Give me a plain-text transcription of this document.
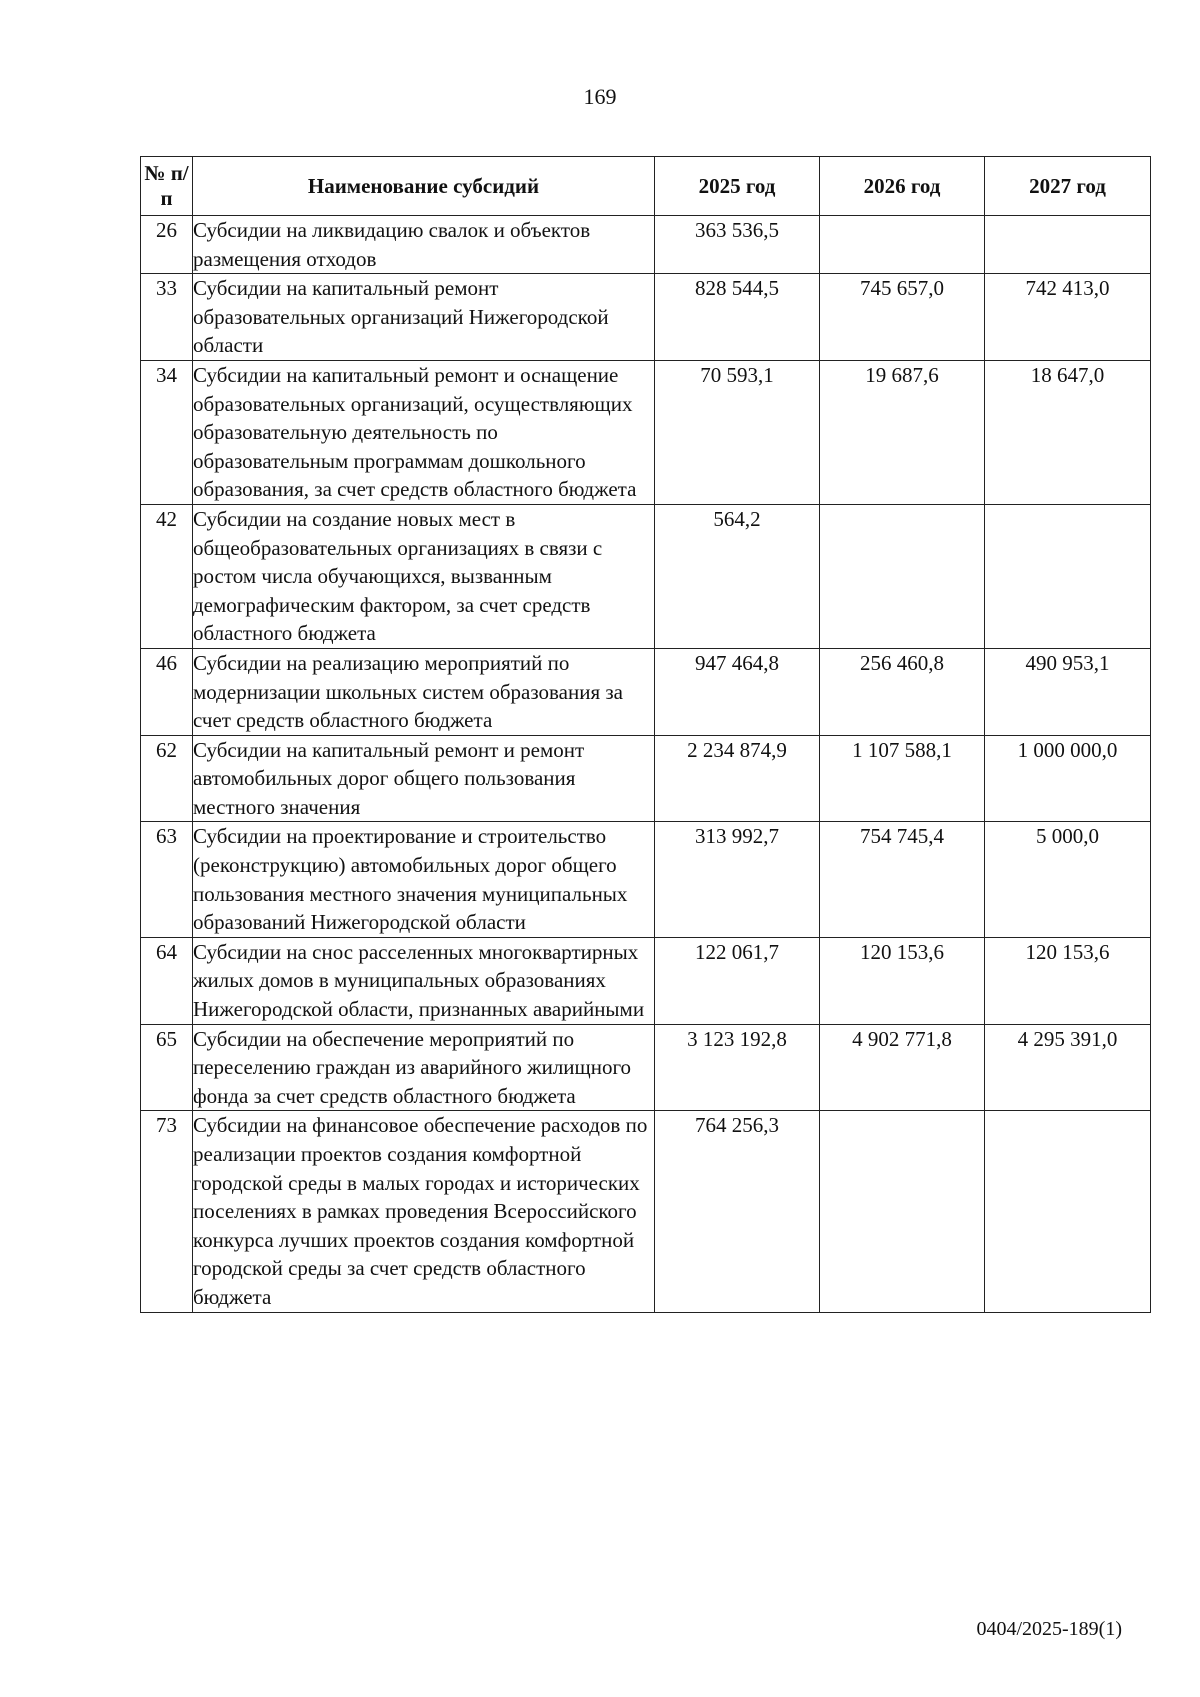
169
№ п/п	Наименование субсидий	2025 год	2026 год	2027 год
26	Субсидии на ликвидацию свалок и объектов размещения отходов	363 536,5		
33	Субсидии на капитальный ремонт образовательных организаций Нижегородской области	828 544,5	745 657,0	742 413,0
34	Субсидии на капитальный ремонт и оснащение образовательных организаций, осуществляющих образовательную деятельность по образовательным программам дошкольного образования, за счет средств областного бюджета	70 593,1	19 687,6	18 647,0
42	Субсидии на создание новых мест в общеобразовательных организациях в связи с ростом числа обучающихся, вызванным демографическим фактором, за счет средств областного бюджета	564,2		
46	Субсидии на реализацию мероприятий по модернизации школьных систем образования за счет средств областного бюджета	947 464,8	256 460,8	490 953,1
62	Субсидии на капитальный ремонт и ремонт автомобильных дорог общего пользования местного значения	2 234 874,9	1 107 588,1	1 000 000,0
63	Субсидии на проектирование и строительство (реконструкцию) автомобильных дорог общего пользования местного значения муниципальных образований Нижегородской области	313 992,7	754 745,4	5 000,0
64	Субсидии на снос расселенных многоквартирных жилых домов в муниципальных образованиях Нижегородской области, признанных аварийными	122 061,7	120 153,6	120 153,6
65	Субсидии на обеспечение мероприятий по переселению граждан из аварийного жилищного фонда за счет средств областного бюджета	3 123 192,8	4 902 771,8	4 295 391,0
73	Субсидии на финансовое обеспечение расходов по реализации проектов создания комфортной городской среды в малых городах и исторических поселениях в рамках проведения Всероссийского конкурса лучших проектов создания комфортной городской среды за счет средств областного бюджета	764 256,3		
0404/2025-189(1)
